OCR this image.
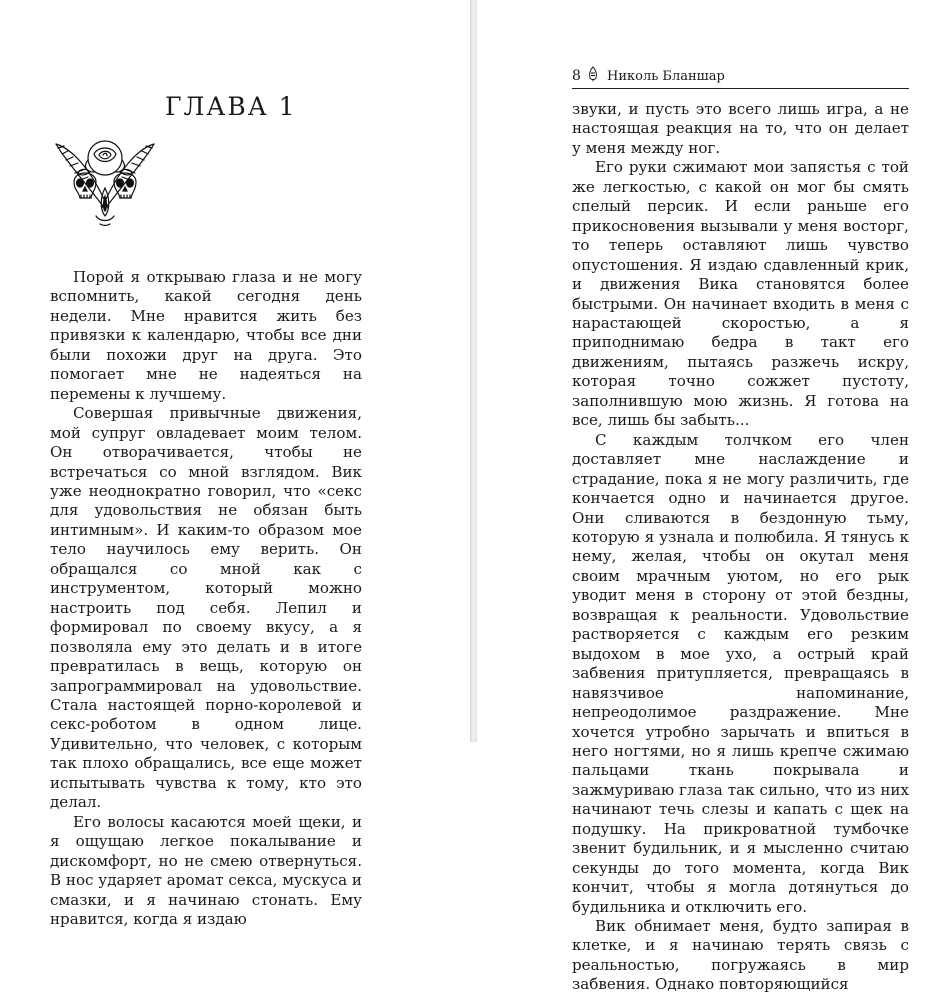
ГЛАВА 1

Порой я открываю глаза и не могу вспомнить, какой сегодня день недели. Мне нравится жить без привязки к календарю, чтобы все дни были похожи друг на друга. Это помогает мне не надеяться на перемены к лучшему.

Совершая привычные движения, мой супруг овладевает моим телом. Он отворачивается, чтобы не встречаться со мной взглядом. Вик уже неоднократно говорил, что «секс для удовольствия не обязан быть интимным». И каким-то образом мое тело научилось ему верить. Он обращался со мной как с инструментом, который можно настроить под себя. Лепил и формировал по своему вкусу, а я позволяла ему это делать и в итоге превратилась в вещь, которую он запрограммировал на удовольствие. Стала настоящей порно-королевой и секс-роботом в одном лице. Удивительно, что человек, с которым так плохо обращались, все еще может испытывать чувства к тому, кто это делал.

Его волосы касаются моей щеки, и я ощущаю легкое покалывание и дискомфорт, но не смею отвернуться. В нос ударяет аромат секса, мускуса и смазки, и я начинаю стонать. Ему нравится, когда я издаю

8 Николь Бланшар

звуки, и пусть это всего лишь игра, а не настоящая реакция на то, что он делает у меня между ног.

Его руки сжимают мои запястья с той же легкостью, с какой он мог бы смять спелый персик. И если раньше его прикосновения вызывали у меня восторг, то теперь оставляют лишь чувство опустошения. Я издаю сдавленный крик, и движения Вика становятся более быстрыми. Он начинает входить в меня с нарастающей скоростью, а я приподнимаю бедра в такт его движениям, пытаясь разжечь искру, которая точно сожжет пустоту, заполнившую мою жизнь. Я готова на все, лишь бы забыть...

С каждым толчком его член доставляет мне наслаждение и страдание, пока я не могу различить, где кончается одно и начинается другое. Они сливаются в бездонную тьму, которую я узнала и полюбила. Я тянусь к нему, желая, чтобы он окутал меня своим мрачным уютом, но его рык уводит меня в сторону от этой бездны, возвращая к реальности. Удовольствие растворяется с каждым его резким выдохом в мое ухо, а острый край забвения притупляется, превращаясь в навязчивое напоминание, непреодолимое раздражение. Мне хочется утробно зарычать и впиться в него ногтями, но я лишь крепче сжимаю пальцами ткань покрывала и зажмуриваю глаза так сильно, что из них начинают течь слезы и капать с щек на подушку. На прикроватной тумбочке звенит будильник, и я мысленно считаю секунды до того момента, когда Вик кончит, чтобы я могла дотянуться до будильника и отключить его.

Вик обнимает меня, будто запирая в клетке, и я начинаю терять связь с реальностью, погружаясь в мир забвения. Однако повторяющийся
